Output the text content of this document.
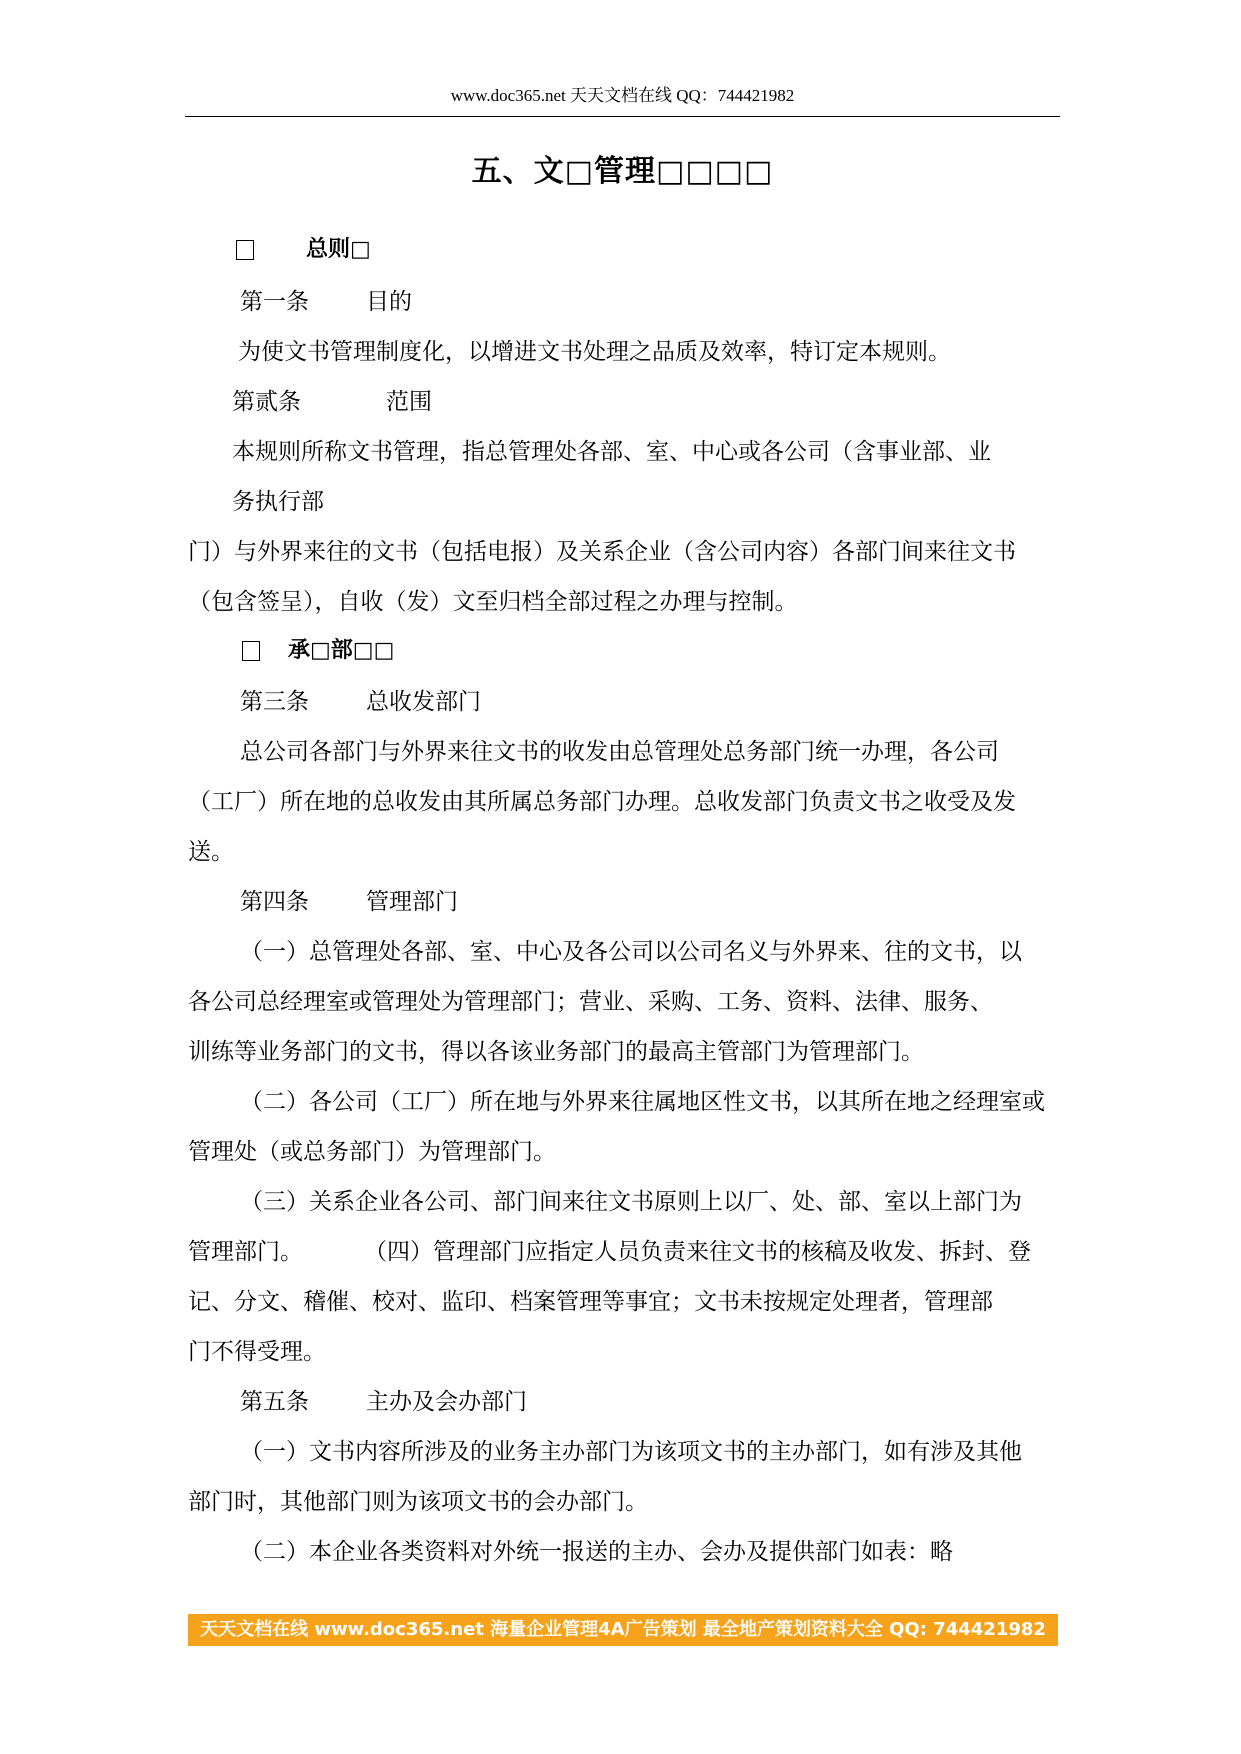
www.doc365.net 天天文档在线 QQ：744421982
五、文□管理□□□□
总则□
第一条 目的
为使文书管理制度化，以增进文书处理之品质及效率，特订定本规则。
第贰条	范围
本规则所称文书管理，指总管理处各部、室、中心或各公司（含事业部、业
务执行部
门）与外界来往的文书（包括电报）及关系企业（含公司内容）各部门间来往文书
（包含签呈），自收（发）文至归档全部过程之办理与控制。
承□部□□
第三条 总收发部门
总公司各部门与外界来往文书的收发由总管理处总务部门统一办理，各公司
（工厂）所在地的总收发由其所属总务部门办理。总收发部门负责文书之收受及发
送。
第四条 管理部门
（一）总管理处各部、室、中心及各公司以公司名义与外界来、往的文书，以
各公司总经理室或管理处为管理部门；营业、采购、工务、资料、法律、服务、
训练等业务部门的文书，得以各该业务部门的最高主管部门为管理部门。
（二）各公司（工厂）所在地与外界来往属地区性文书，以其所在地之经理室或
管理处（或总务部门）为管理部门。
（三）关系企业各公司、部门间来往文书原则上以厂、处、部、室以上部门为
管理部门。	（四）管理部门应指定人员负责来往文书的核稿及收发、拆封、登
记、分文、稽催、校对、监印、档案管理等事宜；文书未按规定处理者，管理部
门不得受理。
第五条 主办及会办部门
（一）文书内容所涉及的业务主办部门为该项文书的主办部门，如有涉及其他
部门时，其他部门则为该项文书的会办部门。
（二）本企业各类资料对外统一报送的主办、会办及提供部门如表：略
天天文档在线 www.doc365.net 海量企业管理4A广告策划 最全地产策划资料大全 QQ: 744421982
